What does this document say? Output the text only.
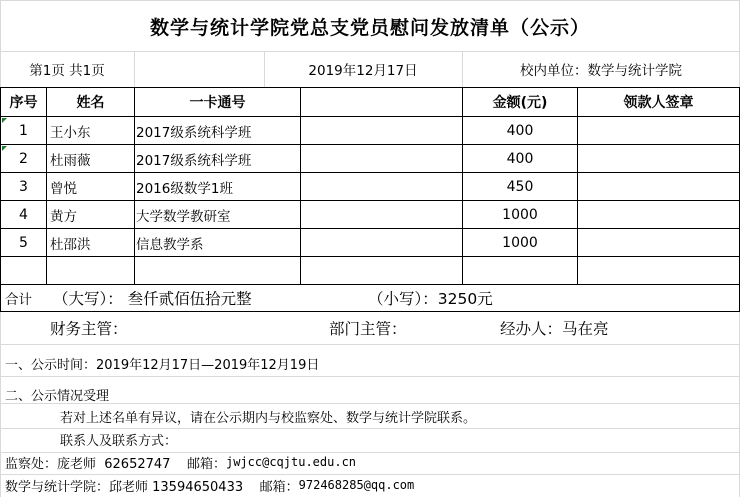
数学与统计学院党总支党员慰问发放清单（公示）
第1页 共1页	2019年12月17日	校内单位：数学与统计学院
序号	姓名	一卡通号	金额(元)	领款人签章
1	王小东	2017级系统科学班	400
2	杜雨薇	2017级系统科学班	400
3	曾悦	2016级数学1班	450
4	黄方	大学数学教研室	1000
5	杜邵洪	信息教学系	1000
合计	（大写）： 叁仟贰佰伍拾元整	（小写）：3250元
财务主管：	部门主管：	经办人：马在亮
一、公示时间：2019年12月17日—2019年12月19日
二、公示情况受理
若对上述名单有异议，请在公示期内与校监察处、数学与统计学院联系。
联系人及联系方式：
监察处：庞老师  62652747    邮箱： jwjcc@cqjtu.edu.cn
数学与统计学院：邱老师 13594650433    邮箱： 972468285@qq.com
